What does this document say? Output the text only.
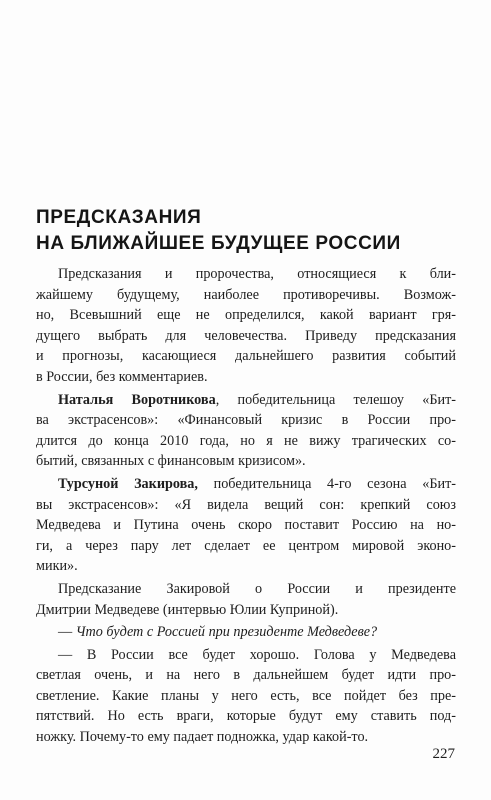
ПРЕДСКАЗАНИЯ
НА БЛИЖАЙШЕЕ БУДУЩЕЕ РОССИИ
Предсказания и пророчества, относящиеся к бли-
жайшему будущему, наиболее противоречивы. Возмож-
но, Всевышний еще не определился, какой вариант гря-
дущего выбрать для человечества. Приведу предсказания
и прогнозы, касающиеся дальнейшего развития событий
в России, без комментариев.
Наталья Воротникова, победительница телешоу «Бит-
ва экстрасенсов»: «Финансовый кризис в России про-
длится до конца 2010 года, но я не вижу трагических со-
бытий, связанных с финансовым кризисом».
Турсуной Закирова, победительница 4-го сезона «Бит-
вы экстрасенсов»: «Я видела вещий сон: крепкий союз
Медведева и Путина очень скоро поставит Россию на но-
ги, а через пару лет сделает ее центром мировой эконо-
мики».
Предсказание Закировой о России и президенте
Дмитрии Медведеве (интервью Юлии Куприной).
— Что будет с Россией при президенте Медведеве?
— В России все будет хорошо. Голова у Медведева
светлая очень, и на него в дальнейшем будет идти про-
светление. Какие планы у него есть, все пойдет без пре-
пятствий. Но есть враги, которые будут ему ставить под-
ножку. Почему-то ему падает подножка, удар какой-то.
227
